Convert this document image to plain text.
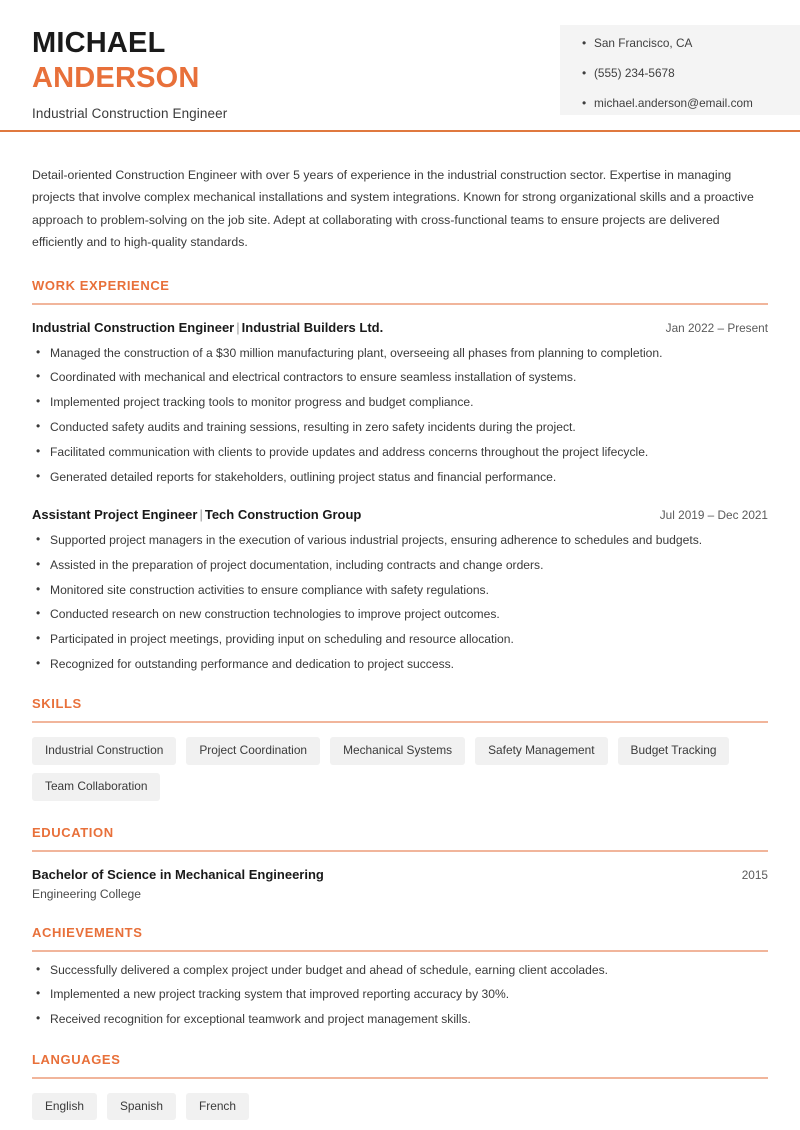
MICHAEL
ANDERSON
Industrial Construction Engineer
• San Francisco, CA
• (555) 234-5678
• michael.anderson@email.com

Detail-oriented Construction Engineer with over 5 years of experience in the industrial construction sector. Expertise in managing projects that involve complex mechanical installations and system integrations. Known for strong organizational skills and a proactive approach to problem-solving on the job site. Adept at collaborating with cross-functional teams to ensure projects are delivered efficiently and to high-quality standards.

WORK EXPERIENCE
Industrial Construction Engineer | Industrial Builders Ltd.	Jan 2022 – Present
• Managed the construction of a $30 million manufacturing plant, overseeing all phases from planning to completion.
• Coordinated with mechanical and electrical contractors to ensure seamless installation of systems.
• Implemented project tracking tools to monitor progress and budget compliance.
• Conducted safety audits and training sessions, resulting in zero safety incidents during the project.
• Facilitated communication with clients to provide updates and address concerns throughout the project lifecycle.
• Generated detailed reports for stakeholders, outlining project status and financial performance.
Assistant Project Engineer | Tech Construction Group	Jul 2019 – Dec 2021
• Supported project managers in the execution of various industrial projects, ensuring adherence to schedules and budgets.
• Assisted in the preparation of project documentation, including contracts and change orders.
• Monitored site construction activities to ensure compliance with safety regulations.
• Conducted research on new construction technologies to improve project outcomes.
• Participated in project meetings, providing input on scheduling and resource allocation.
• Recognized for outstanding performance and dedication to project success.
SKILLS
Industrial Construction	Project Coordination	Mechanical Systems	Safety Management	Budget Tracking
Team Collaboration
EDUCATION
Bachelor of Science in Mechanical Engineering	2015
Engineering College
ACHIEVEMENTS
• Successfully delivered a complex project under budget and ahead of schedule, earning client accolades.
• Implemented a new project tracking system that improved reporting accuracy by 30%.
• Received recognition for exceptional teamwork and project management skills.
LANGUAGES
English	Spanish	French
